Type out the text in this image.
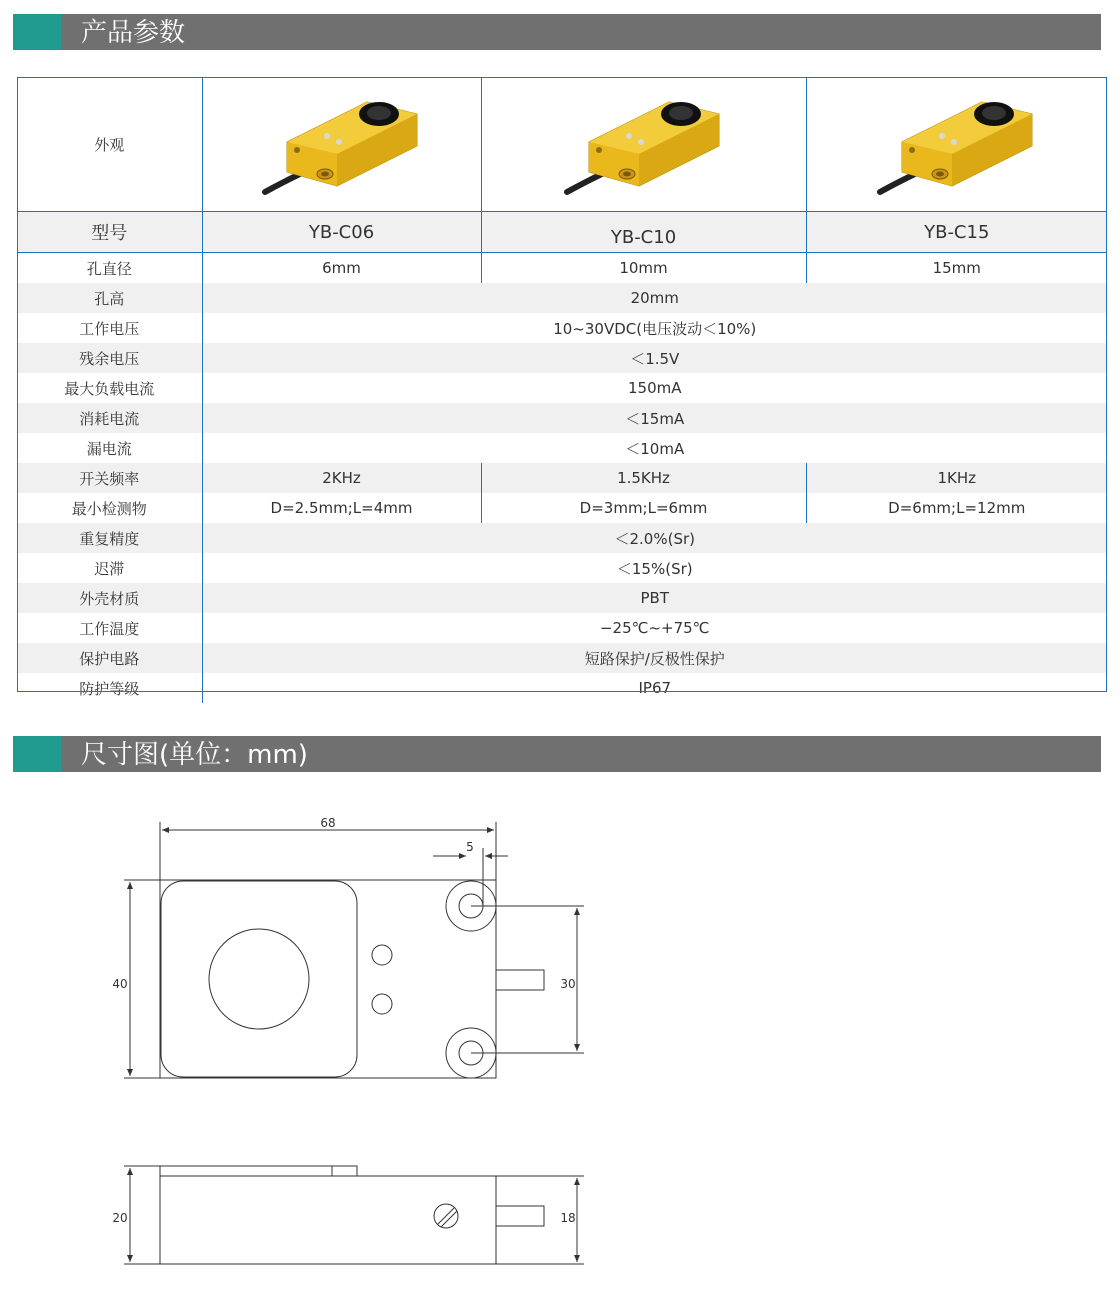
产品参数
外观	

型号	YB-C06	YB-C10	YB-C15
孔直径	6mm	10mm	15mm
孔高	20mm		
工作电压	10~30VDC(电压波动＜10%)		
残余电压	＜1.5V		
最大负载电流	150mA		
消耗电流	＜15mA		
漏电流	＜10mA		
开关频率	2KHz	1.5KHz	1KHz
最小检测物	D=2.5mm;L=4mm	D=3mm;L=6mm	D=6mm;L=12mm
重复精度	＜2.0%(Sr)		
迟滞	＜15%(Sr)		
外壳材质	PBT		
工作温度	−25℃~+75℃		
保护电路	短路保护/反极性保护		
防护等级	IP67		
尺寸图(单位：mm)
68
5
40	30
20	18
